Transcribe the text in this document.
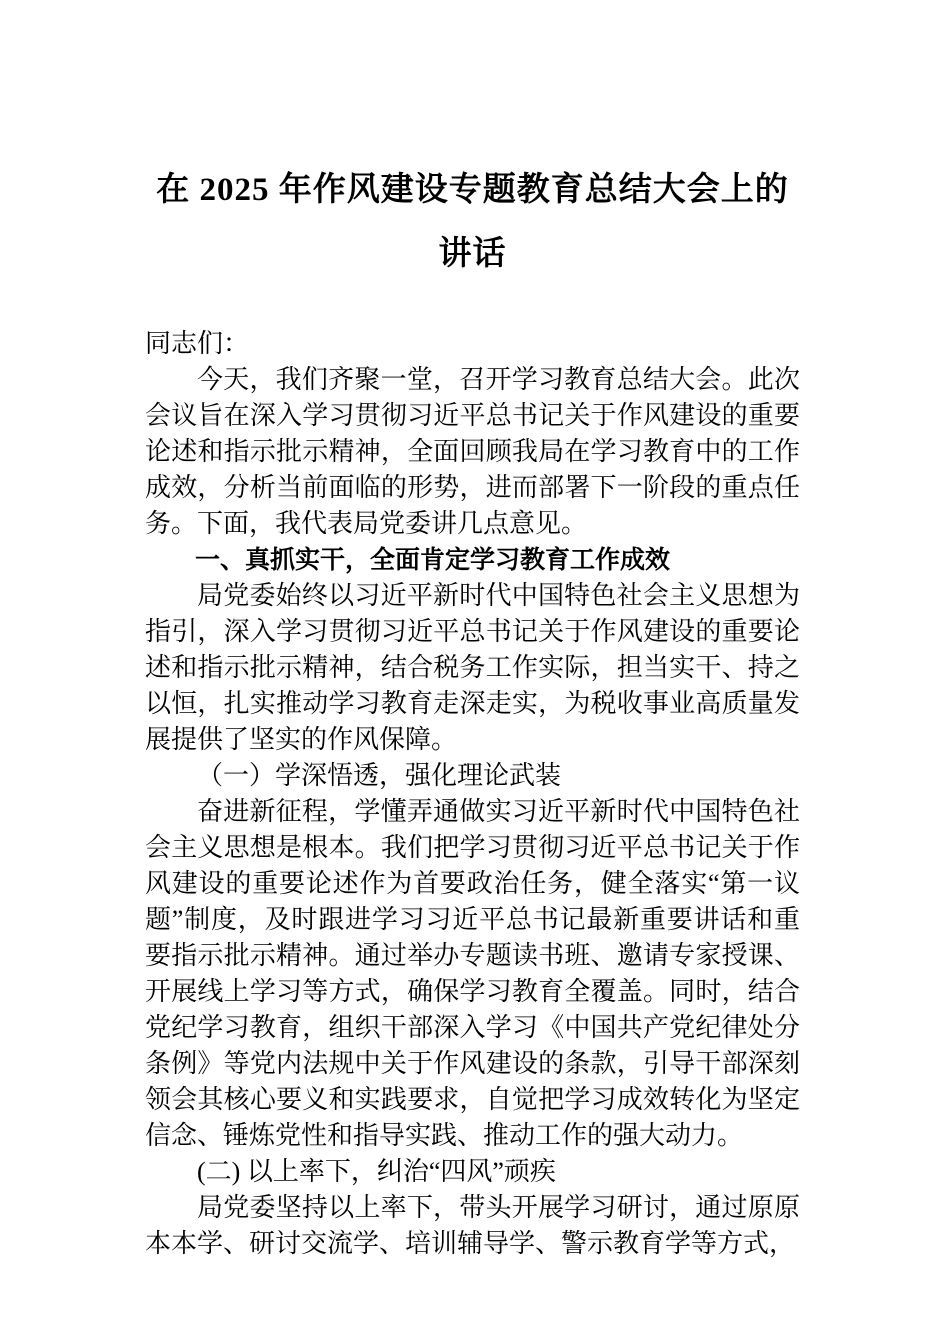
在 2025 年作风建设专题教育总结大会上的
讲话

同志们：

今天，我们齐聚一堂，召开学习教育总结大会。此次会议旨在深入学习贯彻习近平总书记关于作风建设的重要论述和指示批示精神，全面回顾我局在学习教育中的工作成效，分析当前面临的形势，进而部署下一阶段的重点任务。下面，我代表局党委讲几点意见。

一、真抓实干，全面肯定学习教育工作成效

局党委始终以习近平新时代中国特色社会主义思想为指引，深入学习贯彻习近平总书记关于作风建设的重要论述和指示批示精神，结合税务工作实际，担当实干、持之以恒，扎实推动学习教育走深走实，为税收事业高质量发展提供了坚实的作风保障。

（一）学深悟透，强化理论武装

奋进新征程，学懂弄通做实习近平新时代中国特色社会主义思想是根本。我们把学习贯彻习近平总书记关于作风建设的重要论述作为首要政治任务，健全落实“第一议题”制度，及时跟进学习习近平总书记最新重要讲话和重要指示批示精神。通过举办专题读书班、邀请专家授课、开展线上学习等方式，确保学习教育全覆盖。同时，结合党纪学习教育，组织干部深入学习《中国共产党纪律处分条例》等党内法规中关于作风建设的条款，引导干部深刻领会其核心要义和实践要求，自觉把学习成效转化为坚定信念、锤炼党性和指导实践、推动工作的强大动力。

(二) 以上率下，纠治“四风”顽疾

局党委坚持以上率下，带头开展学习研讨，通过原原本本学、研讨交流学、培训辅导学、警示教育学等方式，
